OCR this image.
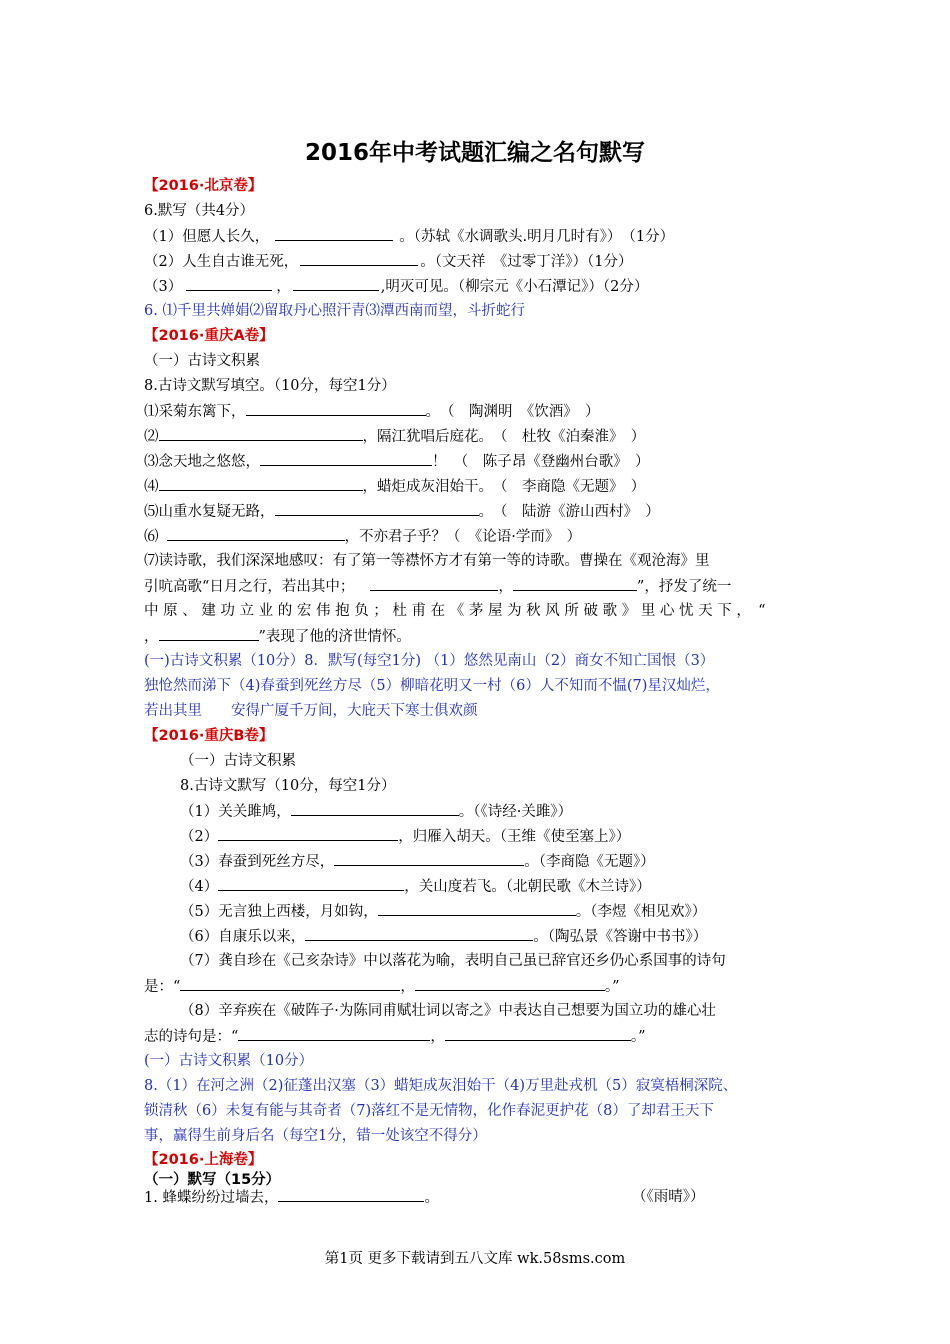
2016年中考试题汇编之名句默写
【2016·北京卷】
6.默写（共4分）
（1）但愿人长久，	。（苏轼《水调歌头.明月几时有》）　（1分）
（2）人生自古谁无死，	。（文天祥　《过零丁洋》）（1分）
（3）	，	,明灭可见。（柳宗元《小石潭记》）（2分）
6. ⑴千里共婵娟⑵留取丹心照汗青⑶潭西南而望，斗折蛇行
【2016·重庆A卷】
（一）古诗文积累
8.古诗文默写填空。（10分，每空1分）
⑴采菊东篱下，	。　（　陶渊明　《饮酒》　）
⑵	，隔江犹唱后庭花。　（　杜牧《泊秦淮》　）
⑶念天地之悠悠，	！　（　陈子昂《登幽州台歌》　）
⑷	，蜡炬成灰泪始干。　（　李商隐《无题》　）
⑸山重水复疑无路，	。　（　陆游《游山西村》　）
⑹	，不亦君子乎？（　《论语·学而》　）
⑺读诗歌，我们深深地感叹：有了第一等襟怀方才有第一等的诗歌。曹操在《观沧海》里
引吭高歌“日月之行，若出其中；	，	”，抒发了统一
中 原 、 建 功 立 业 的 宏 伟 抱 负 ； 杜 甫 在 《 茅 屋 为 秋 风 所 破 歌 》 里 心 忧 天 下 ，　“
，	”表现了他的济世情怀。
(一)古诗文积累（10分）8．默写(每空1分) （1）悠然见南山（2）商女不知亡国恨（3）
独怆然而涕下（4)春蚕到死丝方尽（5）柳暗花明又一村（6）人不知而不愠(7)星汉灿烂，
若出其里　　安得广厦千万间，大庇天下寒士俱欢颜
【2016·重庆B卷】
（一）古诗文积累
8.古诗文默写（10分，每空1分）
（1）关关雎鸠，	。（《诗经·关雎》）
（2）	，归雁入胡天。（王维《使至塞上》）
（3）春蚕到死丝方尽，	。（李商隐《无题》）
（4）	，关山度若飞。（北朝民歌《木兰诗》）
（5）无言独上西楼，月如钩，	。（李煜《相见欢》）
（6）自康乐以来，	。（陶弘景《答谢中书书》）
（7）龚自珍在《己亥杂诗》中以落花为喻，表明自己虽已辞官还乡仍心系国事的诗句
是：“	，	。”
（8）辛弃疾在《破阵子·为陈同甫赋壮词以寄之》中表达自己想要为国立功的雄心壮
志的诗句是：“	，	。”
(一）古诗文积累（10分）
8.（1）在河之洲（2)征蓬出汉塞（3）蜡矩成灰泪始干（4)万里赴戎机（5）寂寞梧桐深院、
锁清秋（6）未复有能与其奇者（7)落红不是无情物，化作春泥更护花（8）了却君王天下
事，赢得生前身后名（每空1分，错一处该空不得分）
【2016·上海卷】
（一）默写（15分）
1. 蜂蝶纷纷过墙去，	。	（《雨晴》）
第1页 更多下载请到五八文库 wk.58sms.com
